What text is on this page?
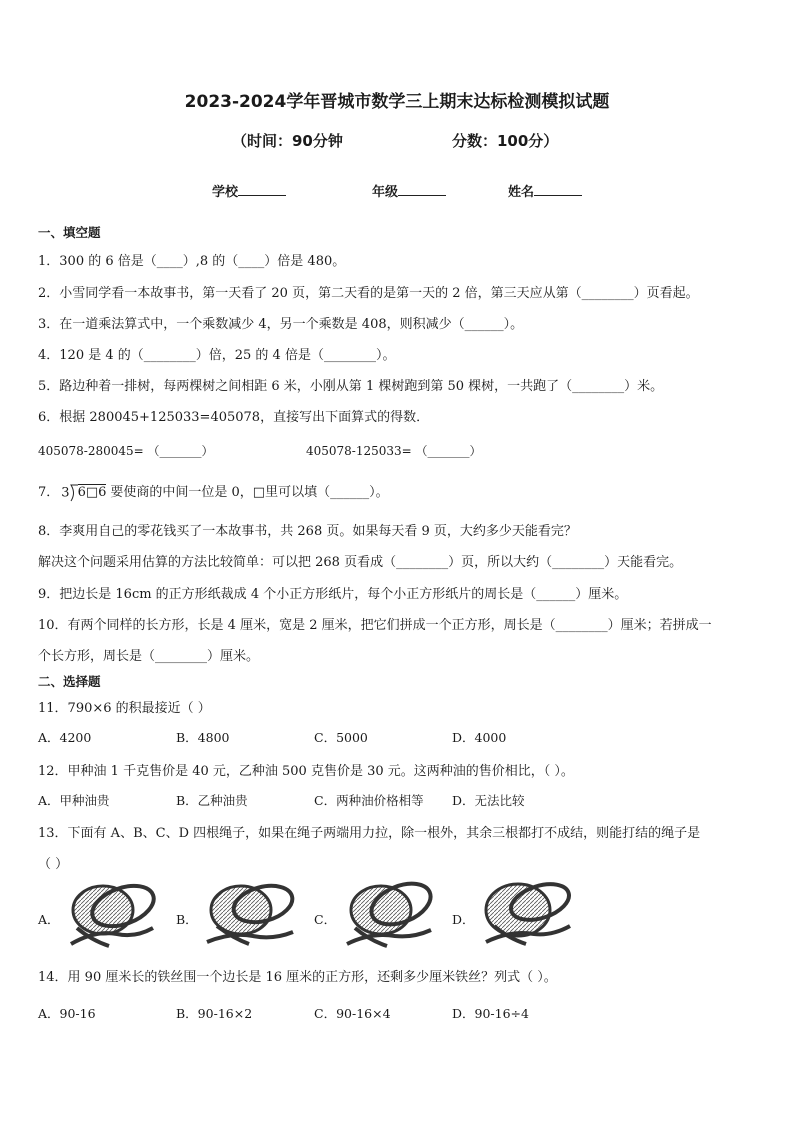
2023-2024学年晋城市数学三上期末达标检测模拟试题
（时间：90分钟	分数：100分）
学校	年级	姓名
一、填空题
1．300 的 6 倍是（____）,8 的（____）倍是 480。
2．小雪同学看一本故事书，第一天看了 20 页，第二天看的是第一天的 2 倍，第三天应从第（________）页看起。
3．在一道乘法算式中，一个乘数减少 4，另一个乘数是 408，则积减少（______）。
4．120 是 4 的（________）倍，25 的 4 倍是（________）。
5．路边种着一排树，每两棵树之间相距 6 米，小刚从第 1 棵树跑到第 50 棵树，一共跑了（________）米。
6．根据 280045+125033=405078，直接写出下面算式的得数．
405078-280045= （_______）	405078-125033= （_______）
7． 3 6□6 要使商的中间一位是 0，□里可以填（______）。
8．李爽用自己的零花钱买了一本故事书，共 268 页。如果每天看 9 页，大约多少天能看完？
解决这个问题采用估算的方法比较简单：可以把 268 页看成（________）页，所以大约（________）天能看完。
9．把边长是 16cm 的正方形纸裁成 4 个小正方形纸片，每个小正方形纸片的周长是（______）厘米。
10．有两个同样的长方形，长是 4 厘米，宽是 2 厘米，把它们拼成一个正方形，周长是（________）厘米；若拼成一
个长方形，周长是（________）厘米。
二、选择题
11．790×6 的积最接近（ ）
A．4200	B．4800	C．5000	D．4000
12．甲种油 1 千克售价是 40 元，乙种油 500 克售价是 30 元。这两种油的售价相比，（ ）。
A．甲种油贵	B．乙种油贵	C．两种油价格相等 D．无法比较
13．下面有 A、B、C、D 四根绳子，如果在绳子两端用力拉，除一根外，其余三根都打不成结，则能打结的绳子是
（ ）
A．	B．	C．	D．
14．用 90 厘米长的铁丝围一个边长是 16 厘米的正方形，还剩多少厘米铁丝？列式（ ）。
A．90-16	B．90-16×2	C．90-16×4	D．90-16÷4
